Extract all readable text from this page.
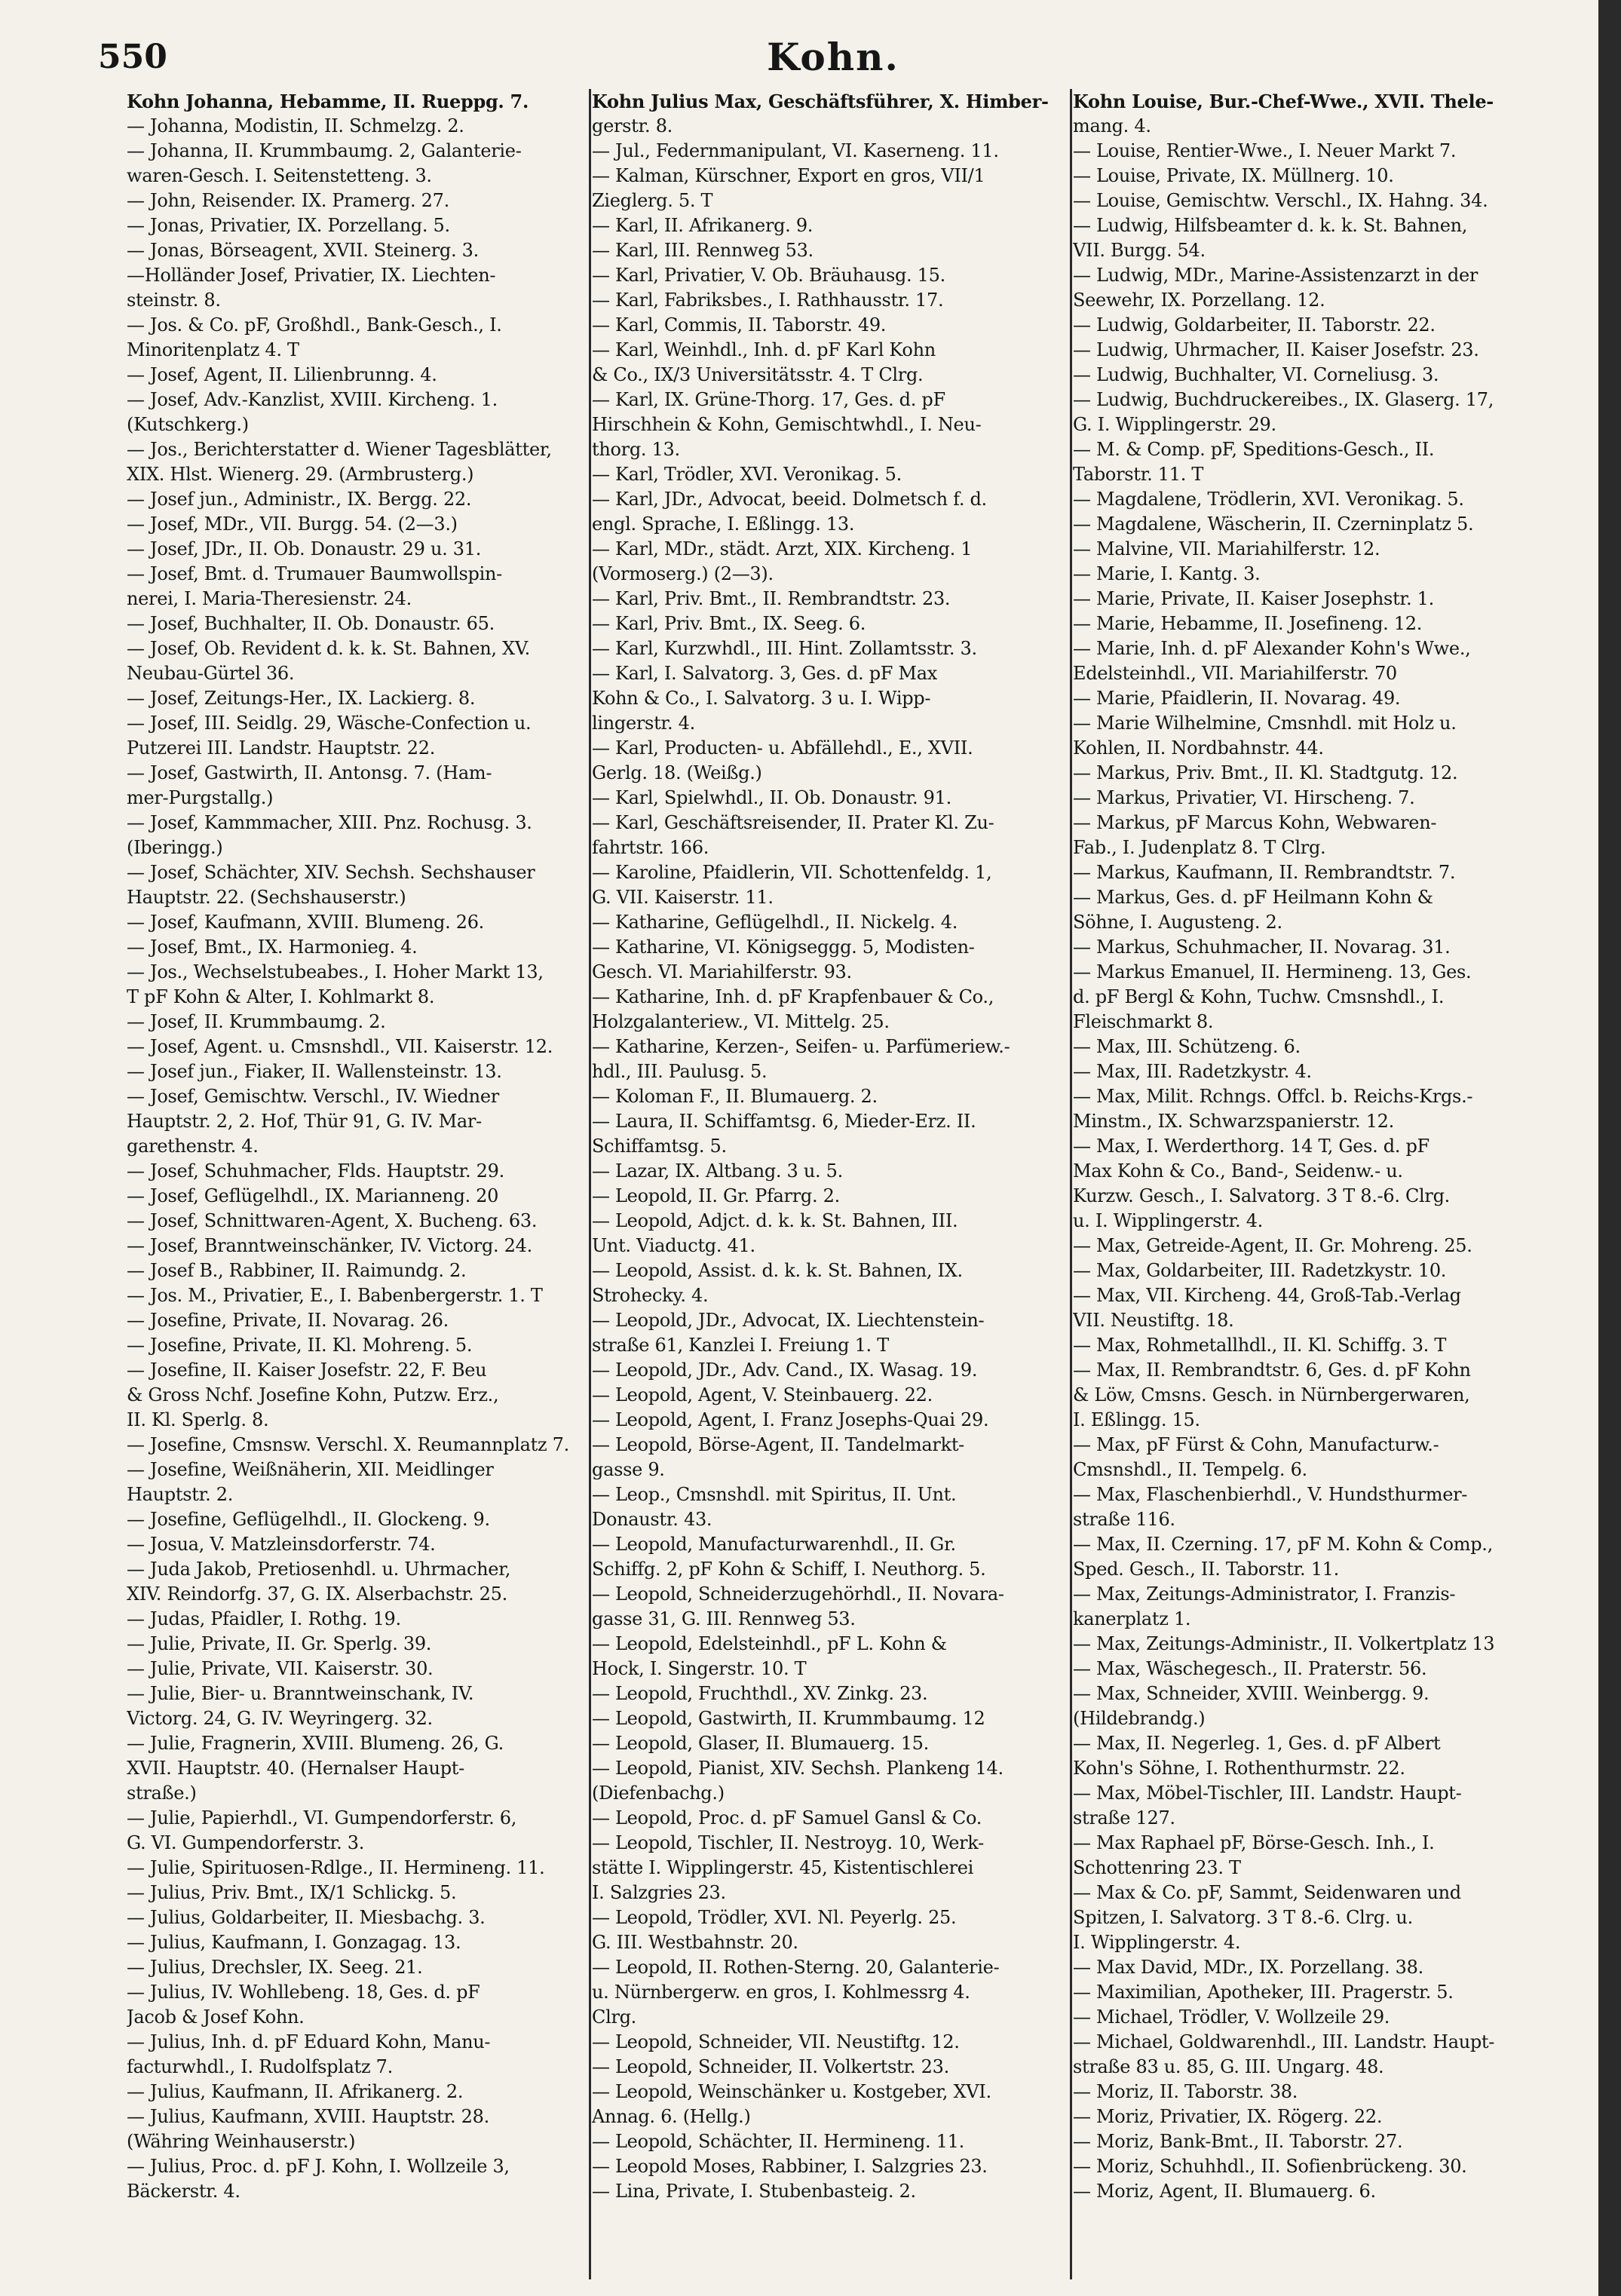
550	Kohn.
Kohn Johanna, Hebamme, II. Rueppg. 7.
— Johanna, Modistin, II. Schmelzg. 2.
— Johanna, II. Krummbaumg. 2, Galanterie-
waren-Gesch. I. Seitenstetteng. 3.
— John, Reisender. IX. Pramerg. 27.
— Jonas, Privatier, IX. Porzellang. 5.
— Jonas, Börseagent, XVII. Steinerg. 3.
—Holländer Josef, Privatier, IX. Liechten-
steinstr. 8.
— Jos. & Co. pF, Großhdl., Bank-Gesch., I.
Minoritenplatz 4. T
— Josef, Agent, II. Lilienbrunng. 4.
— Josef, Adv.-Kanzlist, XVIII. Kircheng. 1.
(Kutschkerg.)
— Jos., Berichterstatter d. Wiener Tagesblätter,
XIX. Hlst. Wienerg. 29. (Armbrusterg.)
— Josef jun., Administr., IX. Bergg. 22.
— Josef, MDr., VII. Burgg. 54. (2—3.)
— Josef, JDr., II. Ob. Donaustr. 29 u. 31.
— Josef, Bmt. d. Trumauer Baumwollspin-
nerei, I. Maria-Theresienstr. 24.
— Josef, Buchhalter, II. Ob. Donaustr. 65.
— Josef, Ob. Revident d. k. k. St. Bahnen, XV.
Neubau-Gürtel 36.
— Josef, Zeitungs-Her., IX. Lackierg. 8.
— Josef, III. Seidlg. 29, Wäsche-Confection u.
Putzerei III. Landstr. Hauptstr. 22.
— Josef, Gastwirth, II. Antonsg. 7. (Ham-
mer-Purgstallg.)
— Josef, Kammmacher, XIII. Pnz. Rochusg. 3.
(Iberingg.)
— Josef, Schächter, XIV. Sechsh. Sechshauser
Hauptstr. 22. (Sechshauserstr.)
— Josef, Kaufmann, XVIII. Blumeng. 26.
— Josef, Bmt., IX. Harmonieg. 4.
— Jos., Wechselstubeabes., I. Hoher Markt 13,
T pF Kohn & Alter, I. Kohlmarkt 8.
— Josef, II. Krummbaumg. 2.
— Josef, Agent. u. Cmsnshdl., VII. Kaiserstr. 12.
— Josef jun., Fiaker, II. Wallensteinstr. 13.
— Josef, Gemischtw. Verschl., IV. Wiedner
Hauptstr. 2, 2. Hof, Thür 91, G. IV. Mar-
garethenstr. 4.
— Josef, Schuhmacher, Flds. Hauptstr. 29.
— Josef, Geflügelhdl., IX. Marianneng. 20
— Josef, Schnittwaren-Agent, X. Bucheng. 63.
— Josef, Branntweinschänker, IV. Victorg. 24.
— Josef B., Rabbiner, II. Raimundg. 2.
— Jos. M., Privatier, E., I. Babenbergerstr. 1. T
— Josefine, Private, II. Novarag. 26.
— Josefine, Private, II. Kl. Mohreng. 5.
— Josefine, II. Kaiser Josefstr. 22, F. Beu
& Gross Nchf. Josefine Kohn, Putzw. Erz.,
II. Kl. Sperlg. 8.
— Josefine, Cmsnsw. Verschl. X. Reumannplatz 7.
— Josefine, Weißnäherin, XII. Meidlinger
Hauptstr. 2.
— Josefine, Geflügelhdl., II. Glockeng. 9.
— Josua, V. Matzleinsdorferstr. 74.
— Juda Jakob, Pretiosenhdl. u. Uhrmacher,
XIV. Reindorfg. 37, G. IX. Alserbachstr. 25.
— Judas, Pfaidler, I. Rothg. 19.
— Julie, Private, II. Gr. Sperlg. 39.
— Julie, Private, VII. Kaiserstr. 30.
— Julie, Bier- u. Branntweinschank, IV.
Victorg. 24, G. IV. Weyringerg. 32.
— Julie, Fragnerin, XVIII. Blumeng. 26, G.
XVII. Hauptstr. 40. (Hernalser Haupt-
straße.)
— Julie, Papierhdl., VI. Gumpendorferstr. 6,
G. VI. Gumpendorferstr. 3.
— Julie, Spirituosen-Rdlge., II. Hermineng. 11.
— Julius, Priv. Bmt., IX/1 Schlickg. 5.
— Julius, Goldarbeiter, II. Miesbachg. 3.
— Julius, Kaufmann, I. Gonzagag. 13.
— Julius, Drechsler, IX. Seeg. 21.
— Julius, IV. Wohllebeng. 18, Ges. d. pF
Jacob & Josef Kohn.
— Julius, Inh. d. pF Eduard Kohn, Manu-
facturwhdl., I. Rudolfsplatz 7.
— Julius, Kaufmann, II. Afrikanerg. 2.
— Julius, Kaufmann, XVIII. Hauptstr. 28.
(Währing Weinhauserstr.)
— Julius, Proc. d. pF J. Kohn, I. Wollzeile 3,
Bäckerstr. 4.
Kohn Julius Max, Geschäftsführer, X. Himber-
gerstr. 8.
— Jul., Federnmanipulant, VI. Kaserneng. 11.
— Kalman, Kürschner, Export en gros, VII/1
Zieglerg. 5. T
— Karl, II. Afrikanerg. 9.
— Karl, III. Rennweg 53.
— Karl, Privatier, V. Ob. Bräuhausg. 15.
— Karl, Fabriksbes., I. Rathhausstr. 17.
— Karl, Commis, II. Taborstr. 49.
— Karl, Weinhdl., Inh. d. pF Karl Kohn
& Co., IX/3 Universitätsstr. 4. T Clrg.
— Karl, IX. Grüne-Thorg. 17, Ges. d. pF
Hirschhein & Kohn, Gemischtwhdl., I. Neu-
thorg. 13.
— Karl, Trödler, XVI. Veronikag. 5.
— Karl, JDr., Advocat, beeid. Dolmetsch f. d.
engl. Sprache, I. Eßlingg. 13.
— Karl, MDr., städt. Arzt, XIX. Kircheng. 1
(Vormoserg.) (2—3).
— Karl, Priv. Bmt., II. Rembrandtstr. 23.
— Karl, Priv. Bmt., IX. Seeg. 6.
— Karl, Kurzwhdl., III. Hint. Zollamtsstr. 3.
— Karl, I. Salvatorg. 3, Ges. d. pF Max
Kohn & Co., I. Salvatorg. 3 u. I. Wipp-
lingerstr. 4.
— Karl, Producten- u. Abfällehdl., E., XVII.
Gerlg. 18. (Weißg.)
— Karl, Spielwhdl., II. Ob. Donaustr. 91.
— Karl, Geschäftsreisender, II. Prater Kl. Zu-
fahrtstr. 166.
— Karoline, Pfaidlerin, VII. Schottenfeldg. 1,
G. VII. Kaiserstr. 11.
— Katharine, Geflügelhdl., II. Nickelg. 4.
— Katharine, VI. Königseggg. 5, Modisten-
Gesch. VI. Mariahilferstr. 93.
— Katharine, Inh. d. pF Krapfenbauer & Co.,
Holzgalanteriew., VI. Mittelg. 25.
— Katharine, Kerzen-, Seifen- u. Parfümeriew.-
hdl., III. Paulusg. 5.
— Koloman F., II. Blumauerg. 2.
— Laura, II. Schiffamtsg. 6, Mieder-Erz. II.
Schiffamtsg. 5.
— Lazar, IX. Altbang. 3 u. 5.
— Leopold, II. Gr. Pfarrg. 2.
— Leopold, Adjct. d. k. k. St. Bahnen, III.
Unt. Viaductg. 41.
— Leopold, Assist. d. k. k. St. Bahnen, IX.
Strohecky. 4.
— Leopold, JDr., Advocat, IX. Liechtenstein-
straße 61, Kanzlei I. Freiung 1. T
— Leopold, JDr., Adv. Cand., IX. Wasag. 19.
— Leopold, Agent, V. Steinbauerg. 22.
— Leopold, Agent, I. Franz Josephs-Quai 29.
— Leopold, Börse-Agent, II. Tandelmarkt-
gasse 9.
— Leop., Cmsnshdl. mit Spiritus, II. Unt.
Donaustr. 43.
— Leopold, Manufacturwarenhdl., II. Gr.
Schiffg. 2, pF Kohn & Schiff, I. Neuthorg. 5.
— Leopold, Schneiderzugehörhdl., II. Novara-
gasse 31, G. III. Rennweg 53.
— Leopold, Edelsteinhdl., pF L. Kohn &
Hock, I. Singerstr. 10. T
— Leopold, Fruchthdl., XV. Zinkg. 23.
— Leopold, Gastwirth, II. Krummbaumg. 12
— Leopold, Glaser, II. Blumauerg. 15.
— Leopold, Pianist, XIV. Sechsh. Plankeng 14.
(Diefenbachg.)
— Leopold, Proc. d. pF Samuel Gansl & Co.
— Leopold, Tischler, II. Nestroyg. 10, Werk-
stätte I. Wipplingerstr. 45, Kistentischlerei
I. Salzgries 23.
— Leopold, Trödler, XVI. Nl. Peyerlg. 25.
G. III. Westbahnstr. 20.
— Leopold, II. Rothen-Sterng. 20, Galanterie-
u. Nürnbergerw. en gros, I. Kohlmessrg 4.
Clrg.
— Leopold, Schneider, VII. Neustiftg. 12.
— Leopold, Schneider, II. Volkertstr. 23.
— Leopold, Weinschänker u. Kostgeber, XVI.
Annag. 6. (Hellg.)
— Leopold, Schächter, II. Hermineng. 11.
— Leopold Moses, Rabbiner, I. Salzgries 23.
— Lina, Private, I. Stubenbasteig. 2.
Kohn Louise, Bur.-Chef-Wwe., XVII. Thele-
mang. 4.
— Louise, Rentier-Wwe., I. Neuer Markt 7.
— Louise, Private, IX. Müllnerg. 10.
— Louise, Gemischtw. Verschl., IX. Hahng. 34.
— Ludwig, Hilfsbeamter d. k. k. St. Bahnen,
VII. Burgg. 54.
— Ludwig, MDr., Marine-Assistenzarzt in der
Seewehr, IX. Porzellang. 12.
— Ludwig, Goldarbeiter, II. Taborstr. 22.
— Ludwig, Uhrmacher, II. Kaiser Josefstr. 23.
— Ludwig, Buchhalter, VI. Corneliusg. 3.
— Ludwig, Buchdruckereibes., IX. Glaserg. 17,
G. I. Wipplingerstr. 29.
— M. & Comp. pF, Speditions-Gesch., II.
Taborstr. 11. T
— Magdalene, Trödlerin, XVI. Veronikag. 5.
— Magdalene, Wäscherin, II. Czerninplatz 5.
— Malvine, VII. Mariahilferstr. 12.
— Marie, I. Kantg. 3.
— Marie, Private, II. Kaiser Josephstr. 1.
— Marie, Hebamme, II. Josefineng. 12.
— Marie, Inh. d. pF Alexander Kohn's Wwe.,
Edelsteinhdl., VII. Mariahilferstr. 70
— Marie, Pfaidlerin, II. Novarag. 49.
— Marie Wilhelmine, Cmsnhdl. mit Holz u.
Kohlen, II. Nordbahnstr. 44.
— Markus, Priv. Bmt., II. Kl. Stadtgutg. 12.
— Markus, Privatier, VI. Hirscheng. 7.
— Markus, pF Marcus Kohn, Webwaren-
Fab., I. Judenplatz 8. T Clrg.
— Markus, Kaufmann, II. Rembrandtstr. 7.
— Markus, Ges. d. pF Heilmann Kohn &
Söhne, I. Augusteng. 2.
— Markus, Schuhmacher, II. Novarag. 31.
— Markus Emanuel, II. Hermineng. 13, Ges.
d. pF Bergl & Kohn, Tuchw. Cmsnshdl., I.
Fleischmarkt 8.
— Max, III. Schützeng. 6.
— Max, III. Radetzkystr. 4.
— Max, Milit. Rchngs. Offcl. b. Reichs-Krgs.-
Minstm., IX. Schwarzspanierstr. 12.
— Max, I. Werderthorg. 14 T, Ges. d. pF
Max Kohn & Co., Band-, Seidenw.- u.
Kurzw. Gesch., I. Salvatorg. 3 T 8.-6. Clrg.
u. I. Wipplingerstr. 4.
— Max, Getreide-Agent, II. Gr. Mohreng. 25.
— Max, Goldarbeiter, III. Radetzkystr. 10.
— Max, VII. Kircheng. 44, Groß-Tab.-Verlag
VII. Neustiftg. 18.
— Max, Rohmetallhdl., II. Kl. Schiffg. 3. T
— Max, II. Rembrandtstr. 6, Ges. d. pF Kohn
& Löw, Cmsns. Gesch. in Nürnbergerwaren,
I. Eßlingg. 15.
— Max, pF Fürst & Cohn, Manufacturw.-
Cmsnshdl., II. Tempelg. 6.
— Max, Flaschenbierhdl., V. Hundsthurmer-
straße 116.
— Max, II. Czerning. 17, pF M. Kohn & Comp.,
Sped. Gesch., II. Taborstr. 11.
— Max, Zeitungs-Administrator, I. Franzis-
kanerplatz 1.
— Max, Zeitungs-Administr., II. Volkertplatz 13
— Max, Wäschegesch., II. Praterstr. 56.
— Max, Schneider, XVIII. Weinbergg. 9.
(Hildebrandg.)
— Max, II. Negerleg. 1, Ges. d. pF Albert
Kohn's Söhne, I. Rothenthurmstr. 22.
— Max, Möbel-Tischler, III. Landstr. Haupt-
straße 127.
— Max Raphael pF, Börse-Gesch. Inh., I.
Schottenring 23. T
— Max & Co. pF, Sammt, Seidenwaren und
Spitzen, I. Salvatorg. 3 T 8.-6. Clrg. u.
I. Wipplingerstr. 4.
— Max David, MDr., IX. Porzellang. 38.
— Maximilian, Apotheker, III. Pragerstr. 5.
— Michael, Trödler, V. Wollzeile 29.
— Michael, Goldwarenhdl., III. Landstr. Haupt-
straße 83 u. 85, G. III. Ungarg. 48.
— Moriz, II. Taborstr. 38.
— Moriz, Privatier, IX. Rögerg. 22.
— Moriz, Bank-Bmt., II. Taborstr. 27.
— Moriz, Schuhhdl., II. Sofienbrückeng. 30.
— Moriz, Agent, II. Blumauerg. 6.
